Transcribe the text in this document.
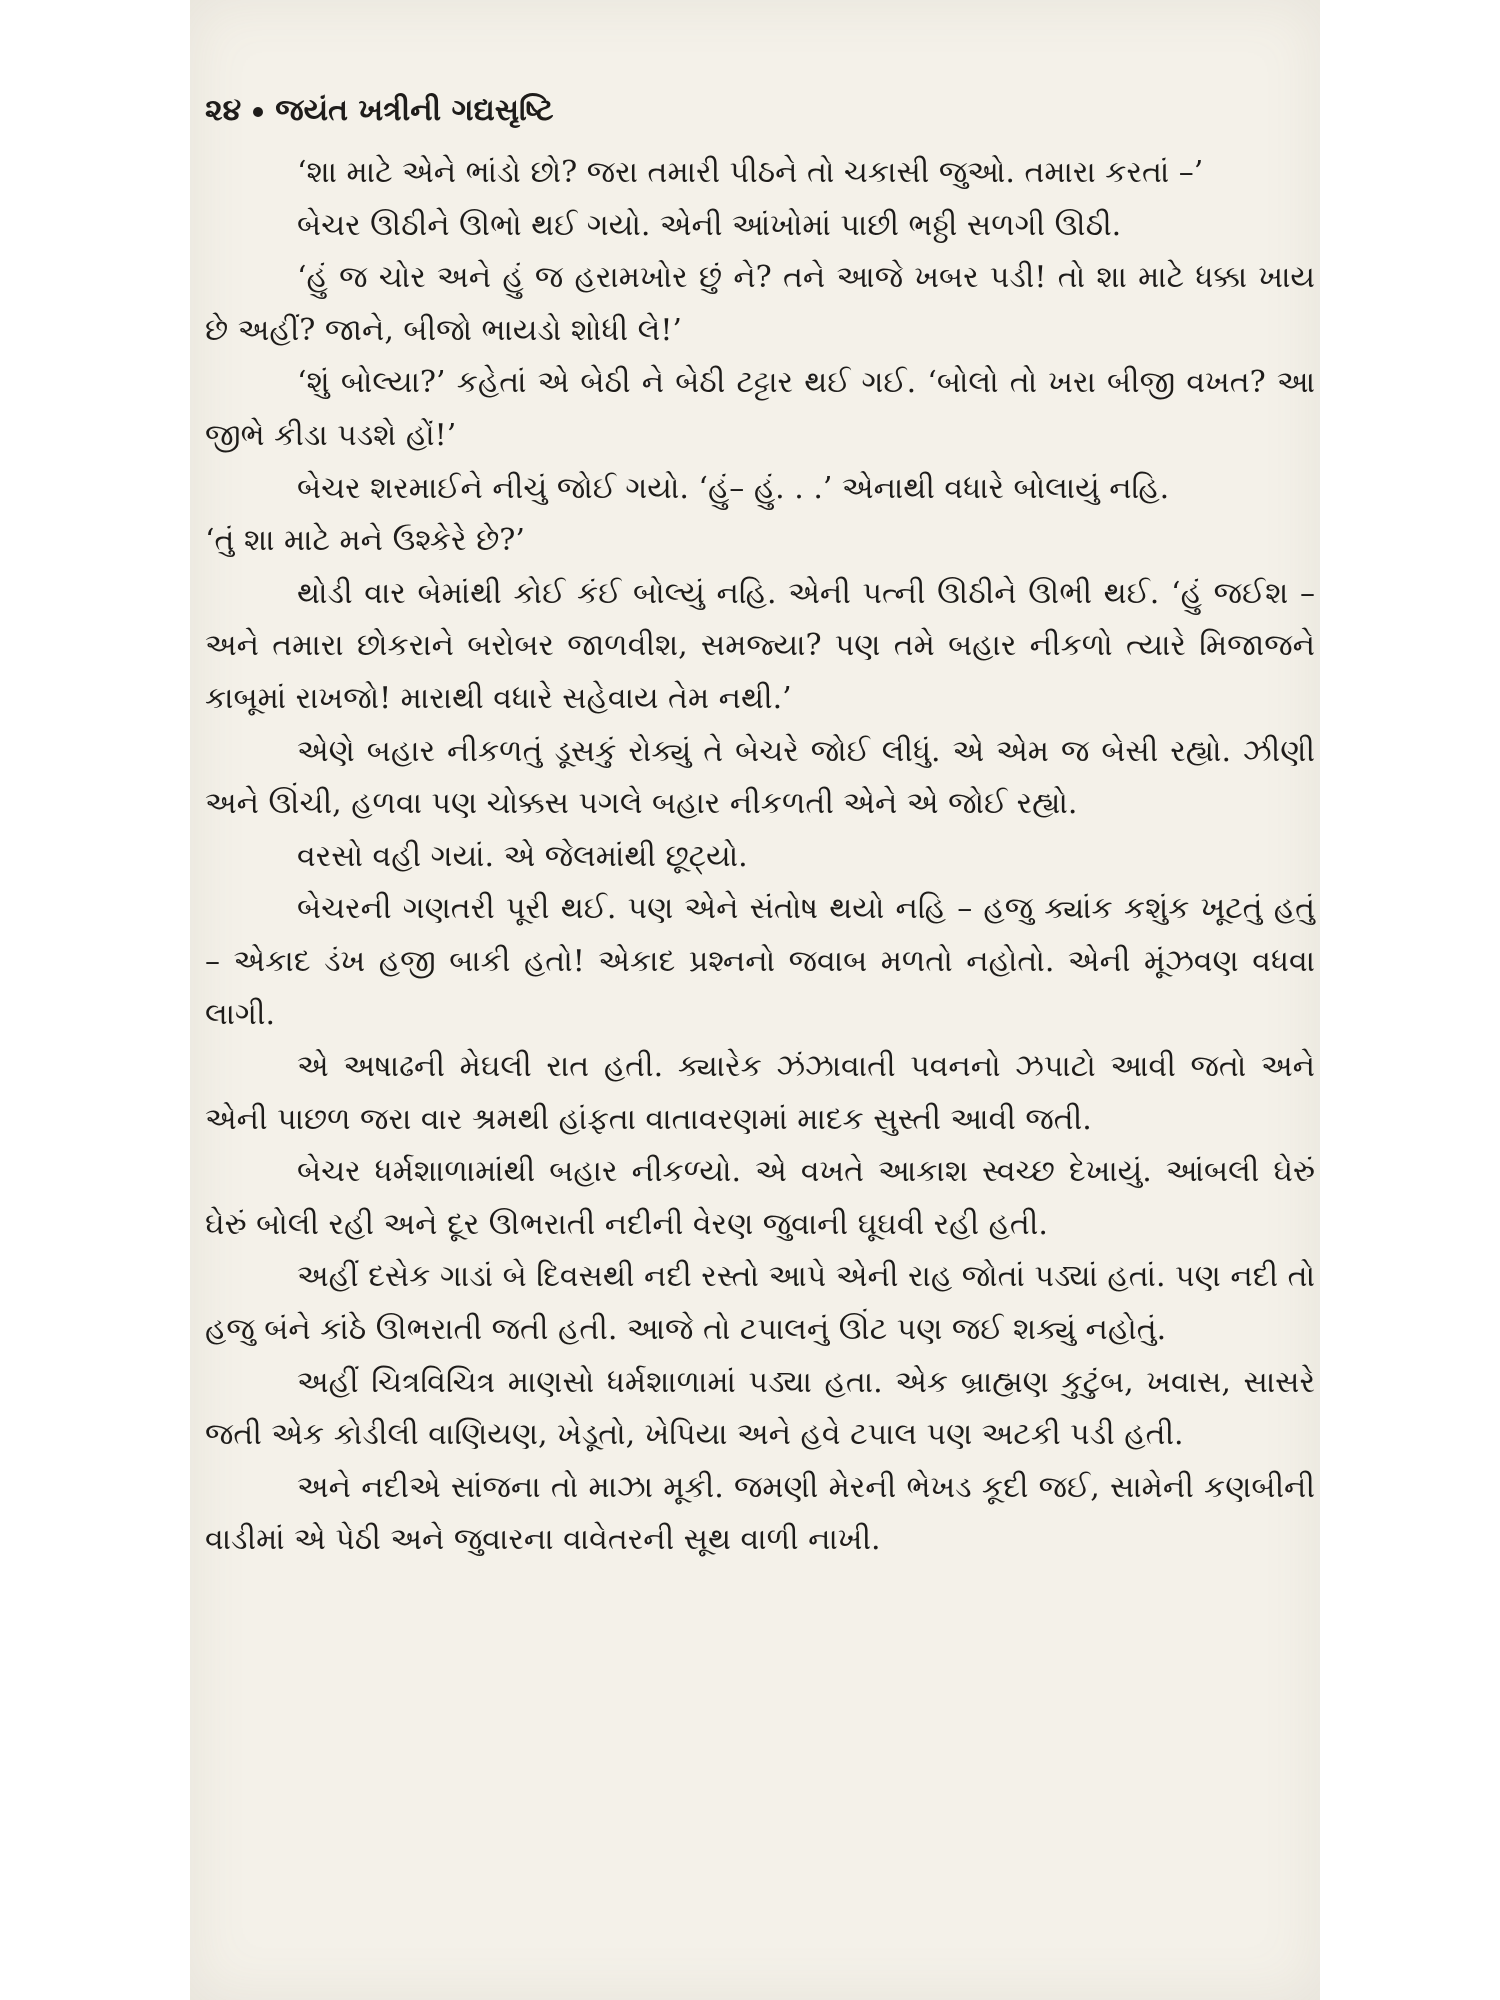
૨૪ જયંત ખત્રીની ગદ્યસૃષ્ટિ

‘શા માટે એને ભાંડો છો? જરા તમારી પીઠને તો ચકાસી જુઓ. તમારા કરતાં –’

બેચર ઊઠીને ઊભો થઈ ગયો. એની આંખોમાં પાછી ભઠ્ઠી સળગી ઊઠી.

‘હું જ ચોર અને હું જ હરામખોર છું ને? તને આજે ખબર પડી! તો શા માટે ધક્કા ખાય છે અહીં? જાને, બીજો ભાયડો શોધી લે!’

‘શું બોલ્યા?’ કહેતાં એ બેઠી ને બેઠી ટટ્ટાર થઈ ગઈ. ‘બોલો તો ખરા બીજી વખત? આ જીભે કીડા પડશે હોં!’

બેચર શરમાઈને નીચું જોઈ ગયો. ‘હું– હું. . .’ એનાથી વધારે બોલાયું નહિ.

‘તું શા માટે મને ઉશ્કેરે છે?’

થોડી વાર બેમાંથી કોઈ કંઈ બોલ્યું નહિ. એની પત્ની ઊઠીને ઊભી થઈ. ‘હું જઈશ – અને તમારા છોકરાને બરોબર જાળવીશ, સમજ્યા? પણ તમે બહાર નીકળો ત્યારે મિજાજને કાબૂમાં રાખજો! મારાથી વધારે સહેવાય તેમ નથી.’

એણે બહાર નીકળતું ડૂસકું રોક્યું તે બેચરે જોઈ લીધું. એ એમ જ બેસી રહ્યો. ઝીણી અને ઊંચી, હળવા પણ ચોક્કસ પગલે બહાર નીકળતી એને એ જોઈ રહ્યો.

વરસો વહી ગયાં. એ જેલમાંથી છૂટ્યો.

બેચરની ગણતરી પૂરી થઈ. પણ એને સંતોષ થયો નહિ – હજુ ક્યાંક કશુંક ખૂટતું હતું – એકાદ ડંખ હજી બાકી હતો! એકાદ પ્રશ્નનો જવાબ મળતો નહોતો. એની મૂંઝવણ વધવા લાગી.

એ અષાઢની મેઘલી રાત હતી. ક્યારેક ઝંઝાવાતી પવનનો ઝપાટો આવી જતો અને એની પાછળ જરા વાર શ્રમથી હાંફતા વાતાવરણમાં માદક સુસ્તી આવી જતી.

બેચર ધર્મશાળામાંથી બહાર નીકળ્યો. એ વખતે આકાશ સ્વચ્છ દેખાયું. આંબલી ઘેરું ઘેરું બોલી રહી અને દૂર ઊભરાતી નદીની વેરણ જુવાની ઘૂઘવી રહી હતી.

અહીં દસેક ગાડાં બે દિવસથી નદી રસ્તો આપે એની રાહ જોતાં પડ્યાં હતાં. પણ નદી તો હજુ બંને કાંઠે ઊભરાતી જતી હતી. આજે તો ટપાલનું ઊંટ પણ જઈ શક્યું નહોતું.

અહીં ચિત્રવિચિત્ર માણસો ધર્મશાળામાં પડ્યા હતા. એક બ્રાહ્મણ કુટુંબ, ખવાસ, સાસરે જતી એક કોડીલી વાણિયણ, ખેડૂતો, ખેપિયા અને હવે ટપાલ પણ અટકી પડી હતી.

અને નદીએ સાંજના તો માઝા મૂકી. જમણી મેરની ભેખડ કૂદી જઈ, સામેની કણબીની વાડીમાં એ પેઠી અને જુવારના વાવેતરની સૂથ વાળી નાખી.
